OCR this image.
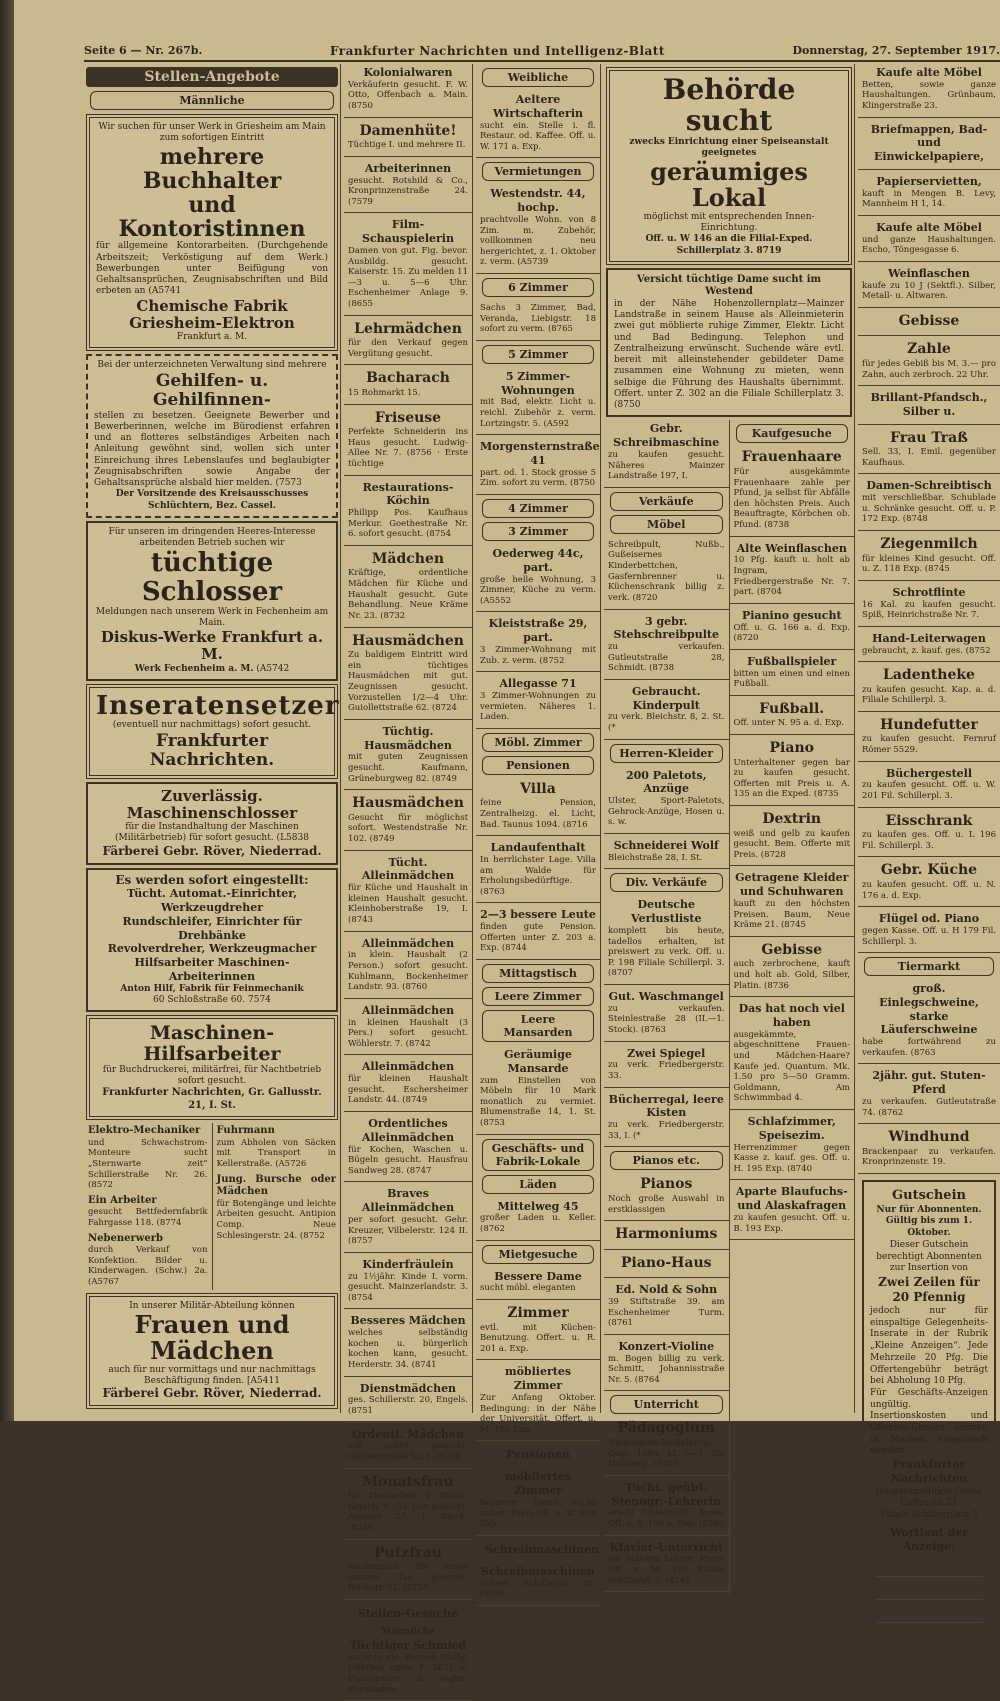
Seite 6 — Nr. 267b.	Frankfurter Nachrichten und Intelligenz-Blatt	Donnerstag, 27. September 1917.
Stellen-Angebote
Männliche
Wir suchen für unser Werk in Griesheim am Main zum sofortigen Eintritt
mehrere Buchhalter
und Kontoristinnen
für allgemeine Kontorarbeiten. (Durchgehende Arbeitszeit; Verköstigung auf dem Werk.) Bewerbungen unter Beifügung von Gehaltsansprüchen, Zeugnisabschriften und Bild erbeten an (A5741
Chemische Fabrik Griesheim-Elektron
Frankfurt a. M.
Bei der unterzeichneten Verwaltung sind mehrere
Gehilfen- u. Gehilfinnen-
stellen zu besetzen. Geeignete Bewerber und Bewerberinnen, welche im Bürodienst erfahren und an flotteres selbständiges Arbeiten nach Anleitung gewöhnt sind, wollen sich unter Einreichung ihres Lebenslaufes und beglaubigter Zeugnisabschriften sowie Angabe der Gehaltsansprüche alsbald hier melden. (7573
Der Vorsitzende des Kreisausschusses Schlüchtern, Bez. Cassel.
Für unseren im dringenden Heeres-Interesse arbeitenden Betrieb suchen wir
tüchtige Schlosser
Meldungen nach unserem Werk in Fechenheim am Main.
Diskus-Werke Frankfurt a. M.
Werk Fechenheim a. M. (A5742
Inseratensetzer
(eventuell nur nachmittags) sofort gesucht.
Frankfurter Nachrichten.
Zuverlässig. Maschinenschlosser
für die Instandhaltung der Maschinen (Militärbetrieb) für sofort gesucht. (L5838
Färberei Gebr. Röver, Niederrad.
Es werden sofort eingestellt:
Tücht. Automat.-Einrichter, Werkzeugdreher
Rundschleifer, Einrichter für Drehbänke
Revolverdreher, Werkzeugmacher
Hilfsarbeiter Maschinen-Arbeiterinnen
Anton Hilf, Fabrik für Feinmechanik
60 Schloßstraße 60. 7574
Maschinen-Hilfsarbeiter
für Buchdruckerei, militärfrei, für Nachtbetrieb sofort gesucht.
Frankfurter Nachrichten, Gr. Gallusstr. 21, I. St.
Elektro-Mechaniker
und Schwachstrom-Monteure sucht „Sternwarte zeit“ Schillerstraße Nr. 26. (8572
Ein Arbeiter
gesucht Bettfedernfabrik Fahrgasse 118. (8774
Nebenerwerb
durch Verkauf von Konfektion. Bilder u. Kinderwagen. (Schw.) 2a. (A5767
Fuhrmann
zum Abholen von Säcken mit Transport in Kellerstraße. (A5726
Jung. Bursche oder Mädchen
für Botengänge und leichte Arbeiten gesucht. Antipion Comp. Neue Schlesingerstr. 24. (8752
In unserer Militär-Abteilung können
Frauen und Mädchen
auch für nur vormittags und nur nachmittags Beschäftigung finden. [A5411
Färberei Gebr. Röver, Niederrad.
Kolonialwaren
Verkäuferin gesucht. F. W. Otto, Offenbach a. Main. (8750
Damenhüte!
Tüchtige I. und mehrere II.
Arbeiterinnen
gesucht. Rotshild & Co., Kronprinzenstraße 24. (7579
Film-Schauspielerin
Damen von gut. Fig. bevor. Ausbildg. gesucht. Kaiserstr. 15. Zu melden 11—3 u. 5—6 Uhr. Eschenheimer Anlage 9. (8655
Lehrmädchen
für den Verkauf gegen Vergütung gesucht.
Bacharach
15 Rohmarkt 15.
Friseuse
Perfekte Schneiderin ins Haus gesucht. Ludwig-Allee Nr. 7. (8756 · Erste tüchtige
Restaurations-Köchin
Philipp Pos. Kaufhaus Merkur. Goethestraße Nr. 6. sofort gesucht. (8754
Mädchen
Kräftige, ordentliche Mädchen für Küche und Haushalt gesucht. Gute Behandlung. Neue Kräme Nr. 23. (8732
Hausmädchen
Zu baldigem Eintritt wird ein tüchtiges Hausmädchen mit gut. Zeugnissen gesucht. Vorzustellen 1/2—4 Uhr. Guiollettstraße 62. (8724
Tüchtig. Hausmädchen
mit guten Zeugnissen gesucht. Kaufmann, Grüneburgweg 82. (8749
Hausmädchen
Gesucht für möglichst sofort. Westendstraße Nr. 102. (8749
Tücht. Alleinmädchen
für Küche und Haushalt in kleinen Haushalt gesucht. Kleinhoberstraße 19, I. (8743
Alleinmädchen
in klein. Haushalt (2 Person.) sofort gesucht. Kuhlmann, Bockenheimer Landstr. 93. (8760
Alleinmädchen
in kleinen Haushalt (3 Pers.) sofort gesucht. Wöhlerstr. 7. (8742
Alleinmädchen
für kleinen Haushalt gesucht. Eschersheimer Landstr. 44. (8749
Ordentliches Alleinmädchen
für Kochen, Waschen u. Bügeln gesucht. Hausfrau Sandweg 28. (8747
Braves Alleinmädchen
per sofort gesucht. Gehr. Kreuzer, Vilbelerstr. 124 II. (8757
Kinderfräulein
zu 1½jähr. Kinde I. vorm. gesucht. Mainzerlandstr. 3. (8754
Besseres Mädchen
welches selbständig kochen u. bürgerlich kochen kann, gesucht. Herderstr. 34. (8741
Dienstmädchen
ges. Schillerstr. 20, Engels. (8751
Ordentl. Mädchen
auf sofort gesucht. Gutleutstraße 52, I. (8758
Monatsfrau
für Hausarbeit 2 Stund. täglich, 9—12 Uhr gesucht. Annastr. 27, 1. Stock. (8749
Putzfrau
wöchentlich für einen ganzen Tag gesucht. Hochstr. 51. (8755
Stellen-Gesuche
Männliche
Tüchtiger Schmied
sucht in ein. Betrieb Stellg. Offerten unter F. 2671 a. Haasenstein & Vogler, Wiesbaden.
Weibliche
Aeltere Wirtschafterin
sucht ein. Stelle i. fl. Restaur. od. Kaffee. Off. u. W. 171 a. Exp.
Vermietungen
Westendstr. 44, hochp.
prachtvolle Wohn. von 8 Zim. m. Zubehör, vollkommen neu hergerichtet, z. 1. Oktober z. verm. (A5739
6 Zimmer
Sachs 3 Zimmer, Bad, Veranda, Liebigstr. 18 sofort zu verm. (8765
5 Zimmer
5 Zimmer-Wohnungen
mit Bad, elektr. Licht u. reichl. Zubehör z. verm. Lortzingstr. 5. (A592
Morgensternstraße 41
part. od. 1. Stock grosse 5 Zim. sofort zu verm. (8750
4 Zimmer
3 Zimmer
Oederweg 44c, part.
große helle Wohnung, 3 Zimmer, Küche zu verm. (A5552
Kleiststraße 29, part.
3 Zimmer-Wohnung mit Zub. z. verm. (8752
Allegasse 71
3 Zimmer-Wohnungen zu vermieten. Näheres 1. Laden.
Möbl. Zimmer
Pensionen
Villa
feine Pension, Zentralheizg. el. Licht, Bad. Taunus 1094. (8716
Landaufenthalt
In herrlichster Lage. Villa am Walde für Erholungsbedürftige. (8763
2—3 bessere Leute
finden gute Pension. Offerten unter Z. 203 a. Exp. (8744
Mittagstisch
Leere Zimmer
Leere Mansarden
Geräumige Mansarde
zum Einstellen von Möbeln für 10 Mark monatlich zu vermiet. Blumenstraße 14, 1. St. (8753
Geschäfts- und Fabrik-Lokale
Läden
Mittelweg 45
großer Laden u. Keller. (8762
Mietgesuche
Bessere Dame
sucht möbl. eleganten
Zimmer
evtl. mit Küchen-Benutzung. Offert. u. R. 201 a. Exp.
möbliertes Zimmer
Zur Anfang Oktober. Bedingung: in der Nähe der Universität. Offert. u. M. 188 Exp.
Pensionen
möbliertes Zimmer
Besserer Dame sucht sofort. Preis-Off. u. W. 109 Exp.
Schreibmaschinen
Schreibmaschinen
Eckert, Schillerstr. 25. (8758
Behörde sucht
zwecks Einrichtung einer Speiseanstalt geeignetes
geräumiges Lokal
möglichst mit entsprechenden Innen-Einrichtung.
Off. u. W 146 an die Filial-Exped. Schillerplatz 3. 8719
Versicht tüchtige Dame sucht im Westend
in der Nähe Hohenzollernplatz—Mainzer Landstraße in seinem Hause als Alleinmieterin zwei gut möblierte ruhige Zimmer, Elektr. Licht und Bad Bedingung. Telephon und Zentralheizung erwünscht. Suchende wäre evtl. bereit mit alleinstehender gebildeter Dame zusammen eine Wohnung zu mieten, wenn selbige die Führung des Haushalts übernimmt. Offert. unter Z. 302 an die Filiale Schillerplatz 3. (8750
Gebr. Schreibmaschine
zu kaufen gesucht. Näheres Mainzer Landstraße 197, I.
Verkäufe
Möbel
Schreibpult, Nußb., Gußeisernes Kinderbettchen, Gasfernbrenner u. Küchenschrank billig z. verk. (8720
3 gebr. Stehschreibpulte
zu verkaufen. Gutleutstraße 28, Schmidt. (8738
Gebraucht. Kinderpult
zu verk. Bleichstr. 8, 2. St. (*
Herren-Kleider
200 Paletots, Anzüge
Ulster, Sport-Paletots, Gehrock-Anzüge, Hosen u. s. w.
Schneiderei Wolf
Bleichstraße 28, I. St.
Div. Verkäufe
Deutsche Verlustliste
komplett bis heute, tadellos erhalten, ist preiswert zu verk. Off. u. P. 198 Filiale Schillerpl. 3. (8707
Gut. Waschmangel
zu verkaufen. Steinlestraße 28 (II.—1. Stock). (8763
Zwei Spiegel
zu verk. Friedbergerstr. 33.
Bücherregal, leere Kisten
zu verk. Friedbergerstr. 33, I. (*
Pianos etc.
Pianos
Noch große Auswahl in erstklassigen
Harmoniums
Piano-Haus
Ed. Nold & Sohn
39 Stiftstraße 39. am Eschenheimer Turm. (8761
Konzert-Violine
m. Bogen billig zu verk. Schmitt, Johannisstraße Nr. 5. (8764
Unterricht
Pädagogium
Neuenheim-Heidelberg. Gegr. 1880. Kl. 5—7. Dr. Holzberg. (8755
Tücht. geübt. Stenogr.-Lehrerin
erteilt Unterricht. Preis-Off. u. S. 199 a. Exp. (8760
Klavier-Unterricht
am liebsten Lehrer. Preis-Off. u. M. 192 Filiale Schillerpl. 3. (8761
Kaufgesuche
Frauenhaare
Für ausgekämmte Frauenhaare zahle per Pfund, ja selbst für Abfälle den höchsten Preis. Auch Beauftragte, Körbchen ob. Pfund. (8738
Alte Weinflaschen
10 Pfg. kauft u. holt ab Ingram, Friedbergerstraße Nr. 7. part. (8704
Pianino gesucht
Off. u. G. 166 a. d. Exp. (8720
Fußballspieler
bitten um einen und einen Fußball.
Fußball.
Off. unter N. 95 a. d. Exp.
Piano
Unterhaltener gegen bar zu kaufen gesucht. Offerten mit Preis u. A. 135 an die Exped. (8735
Dextrin
weiß und gelb zu kaufen gesucht. Bem. Offerte mit Preis. (8728
Getragene Kleider und Schuhwaren
kauft zu den höchsten Preisen. Baum, Neue Kräme 21. (8745
Gebisse
auch zerbrochene, kauft und holt ab. Gold, Silber, Platin. (8736
Das hat noch viel haben
ausgekämmte, abgeschnittene Frauen- und Mädchen-Haare? Kaufe jed. Quantum. Mk. 1.50 pro 5—50 Gramm. Goldmann, Am Schwimmbad 4.
Schlafzimmer, Speisezim.
Herrenzimmer gegen Kasse z. kauf. ges. Off. u. H. 195 Exp. (8740
Aparte Blaufuchs- und Alaskafragen
zu kaufen gesucht. Off. u. B. 193 Exp.
Kaufe alte Möbel
Betten, sowie ganze Haushaltungen. Grünbaum, Klingerstraße 23.
Briefmappen, Bad- und Einwickelpapiere,
Papierservietten,
kauft in Mengen B. Levy, Mannheim H 1, 14.
Kaufe alte Möbel
und ganze Haushaltungen. Escho, Töngesgasse 6.
Weinflaschen
kaufe zu 10 J (Sektfl.). Silber, Metall- u. Altwaren.
Gebisse
Zahle
für jedes Gebiß bis M. 3.— pro Zahn, auch zerbroch. 22 Uhr.
Brillant-Pfandsch., Silber u.
Frau Traß
Sell. 33, I. Emil. gegenüber Kaufhaus.
Damen-Schreibtisch
mit verschließbar. Schublade u. Schränke gesucht. Off. u. P. 172 Exp. (8748
Ziegenmilch
für kleines Kind gesucht. Off. u. Z. 118 Exp. (8745
Schrotflinte
16 Kal. zu kaufen gesucht. Spiß, Heinrichstraße Nr. 7.
Hand-Leiterwagen
gebraucht, z. kauf. ges. (8752
Ladentheke
zu kaufen gesucht. Kap. a. d. Filiale Schillerpl. 3.
Hundefutter
zu kaufen gesucht. Fernruf Römer 5529.
Büchergestell
zu kaufen gesucht. Off. u. W. 201 Fil. Schillerpl. 3.
Eisschrank
zu kaufen ges. Off. u. L 196 Fil. Schillerpl. 3.
Gebr. Küche
zu kaufen gesucht. Off. u. N. 176 a. d. Exp.
Flügel od. Piano
gegen Kasse. Off. u. H 179 Fil. Schillerpl. 3.
Tiermarkt
groß. Einlegschweine, starke Läuferschweine
habe fortwährend zu verkaufen. (8763
2jähr. gut. Stuten-Pferd
zu verkaufen. Gutleutstraße 74. (8762
Windhund
Brackenpaar zu verkaufen. Kronprinzenstr. 19.
Gutschein
Nur für Abonnenten.
Gültig bis zum 1. Oktober.
Dieser Gutschein berechtigt Abonnenten zur Insertion von
Zwei Zeilen für 20 Pfennig
jedoch nur für einspaltige Gelegenheits-Inserate in der Rubrik „Kleine Anzeigen“. Jede Mehrzeile 20 Pfg. Die Offertengebühr beträgt bei Abholung 10 Pfg.
Für Geschäfts-Anzeigen ungültig. Insertionskosten und Offerten-Gebühr können in Marken eingesandt werden.
Frankfurter Nachrichten
Hauptexpedition Große Gallusstr. 21
Filiale Schillerplatz 3
Wortlaut der Anzeige:
